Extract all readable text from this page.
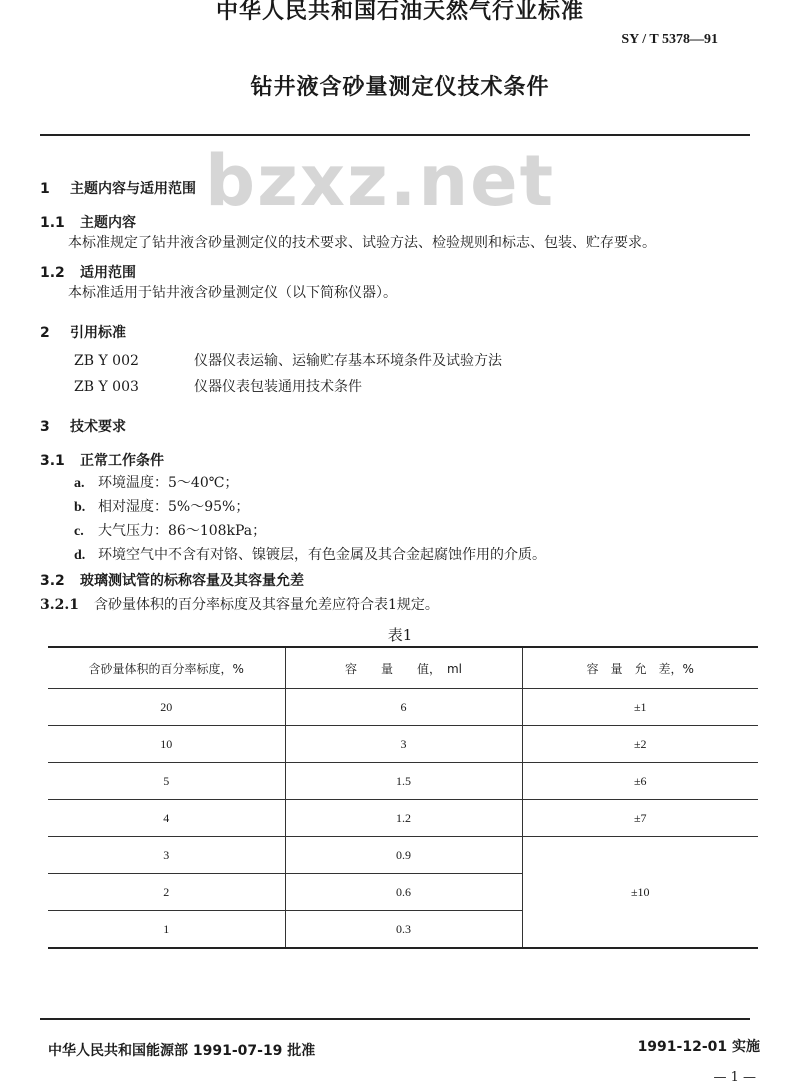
中华人民共和国石油天然气行业标准
SY / T 5378—91
钻井液含砂量测定仪技术条件
bzxz.net
1 主题内容与适用范围
1.1 主题内容
本标准规定了钻井液含砂量测定仪的技术要求、试验方法、检验规则和标志、包装、贮存要求。
1.2 适用范围
本标准适用于钻井液含砂量测定仪（以下简称仪器）。
2 引用标准
ZB Y 002	仪器仪表运输、运输贮存基本环境条件及试验方法
ZB Y 003	仪器仪表包装通用技术条件
3 技术要求
3.1 正常工作条件
a. 环境温度：5～40℃；
b. 相对湿度：5%～95%；
c. 大气压力：86～108kPa；
d. 环境空气中不含有对铬、镍镀层，有色金属及其合金起腐蚀作用的介质。
3.2 玻璃测试管的标称容量及其容量允差
3.2.1 含砂量体积的百分率标度及其容量允差应符合表1规定。
表1
含砂量体积的百分率标度，%	容　　量　　值，　ml	容　量　允　差，%
20	6	±1
10	3	±2
5	1.5	±6
4	1.2	±7
3	0.9	±10
2	0.6	
1	0.3	
中华人民共和国能源部 1991-07-19 批准	1991-12-01 实施
— 1 —
